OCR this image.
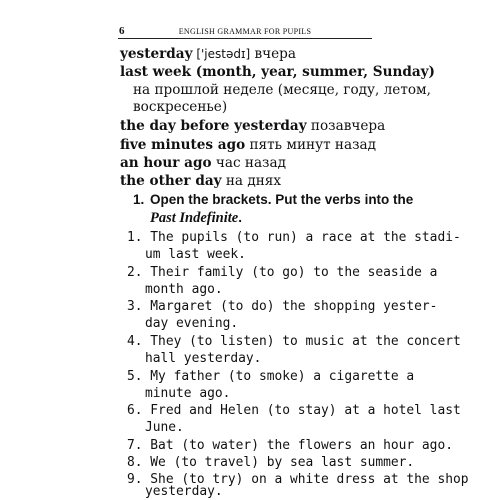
6	ENGLISH GRAMMAR FOR PUPILS
yesterday ['jestədɪ] вчера
last week (month, year, summer, Sunday)
на прошлой неделе (месяце, году, летом,
воскресенье)
the day before yesterday позавчера
five minutes ago пять минут назад
an hour ago час назад
the other day на днях
1. Open the brackets. Put the verbs into the
Past Indefinite.
1. The pupils (to run) a race at the stadi-
um last week.
2. Their family (to go) to the seaside a
month ago.
3. Margaret (to do) the shopping yester-
day evening.
4. They (to listen) to music at the concert
hall yesterday.
5. My father (to smoke) a cigarette a
minute ago.
6. Fred and Helen (to stay) at a hotel last
June.
7. Bat (to water) the flowers an hour ago.
8. We (to travel) by sea last summer.
9. She (to try) on a white dress at the shop
yesterday.
